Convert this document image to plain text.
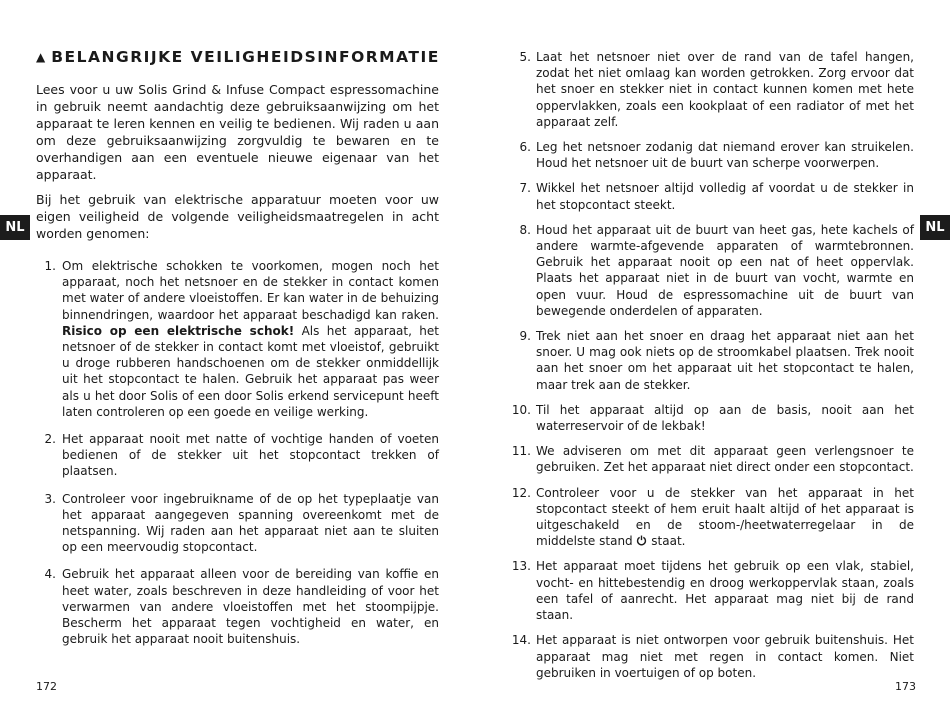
NL	NL
▲ BELANGRIJKE VEILIGHEIDSINFORMATIE

Lees voor u uw Solis Grind & Infuse Compact espressomachine in gebruik neemt aandachtig deze gebruiksaanwijzing om het apparaat te leren kennen en veilig te bedienen. Wij raden u aan om deze gebruiksaanwijzing zorgvuldig te bewaren en te overhandigen aan een eventuele nieuwe eigenaar van het apparaat.

Bij het gebruik van elektrische apparatuur moeten voor uw eigen veiligheid de volgende veiligheidsmaatregelen in acht worden genomen:

1. Om elektrische schokken te voorkomen, mogen noch het apparaat, noch het netsnoer en de stekker in contact komen met water of andere vloeistoffen. Er kan water in de behuizing binnendringen, waardoor het apparaat beschadigd kan raken. Risico op een elektrische schok! Als het apparaat, het netsnoer of de stekker in contact komt met vloeistof, gebruikt u droge rubberen handschoenen om de stekker onmiddellijk uit het stopcontact te halen. Gebruik het apparaat pas weer als u het door Solis of een door Solis erkend servicepunt heeft laten controleren op een goede en veilige werking.
2. Het apparaat nooit met natte of vochtige handen of voeten bedienen of de stekker uit het stopcontact trekken of plaatsen.
3. Controleer voor ingebruikname of de op het typeplaatje van het apparaat aangegeven spanning overeenkomt met de netspanning. Wij raden aan het apparaat niet aan te sluiten op een meervoudig stopcontact.
4. Gebruik het apparaat alleen voor de bereiding van koffie en heet water, zoals beschreven in deze handleiding of voor het verwarmen van andere vloeistoffen met het stoompijpje. Bescherm het apparaat tegen vochtigheid en water, en gebruik het apparaat nooit buitenshuis.
5. Laat het netsnoer niet over de rand van de tafel hangen, zodat het niet omlaag kan worden getrokken. Zorg ervoor dat het snoer en stekker niet in contact kunnen komen met hete oppervlakken, zoals een kookplaat of een radiator of met het apparaat zelf.
6. Leg het netsnoer zodanig dat niemand erover kan struikelen. Houd het netsnoer uit de buurt van scherpe voorwerpen.
7. Wikkel het netsnoer altijd volledig af voordat u de stekker in het stopcontact steekt.
8. Houd het apparaat uit de buurt van heet gas, hete kachels of andere warmte-afgevende apparaten of warmtebronnen. Gebruik het apparaat nooit op een nat of heet oppervlak. Plaats het apparaat niet in de buurt van vocht, warmte en open vuur. Houd de espressomachine uit de buurt van bewegende onderdelen of apparaten.
9. Trek niet aan het snoer en draag het apparaat niet aan het snoer. U mag ook niets op de stroomkabel plaatsen. Trek nooit aan het snoer om het apparaat uit het stopcontact te halen, maar trek aan de stekker.
10. Til het apparaat altijd op aan de basis, nooit aan het waterreservoir of de lekbak!
11. We adviseren om met dit apparaat geen verlengsnoer te gebruiken. Zet het apparaat niet direct onder een stopcontact.
12. Controleer voor u de stekker van het apparaat in het stopcontact steekt of hem eruit haalt altijd of het apparaat is uitgeschakeld en de stoom-/heetwaterregelaar in de middelste stand  staat.
13. Het apparaat moet tijdens het gebruik op een vlak, stabiel, vocht- en hittebestendig en droog werkoppervlak staan, zoals een tafel of aanrecht. Het apparaat mag niet bij de rand staan.
14. Het apparaat is niet ontworpen voor gebruik buitenshuis. Het apparaat mag niet met regen in contact komen. Niet gebruiken in voertuigen of op boten.
172	173
